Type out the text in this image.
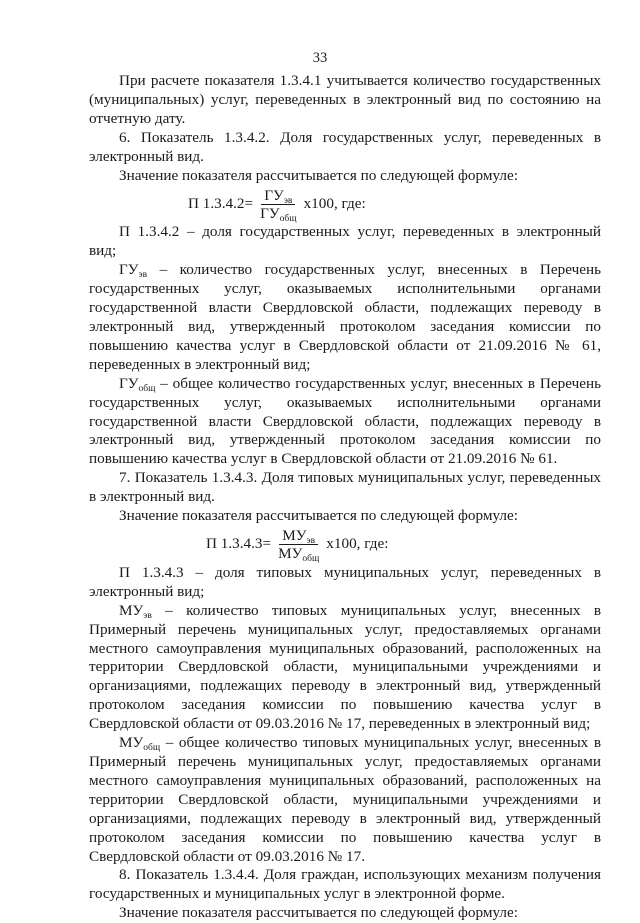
33

При расчете показателя 1.3.4.1 учитывается количество государственных (муниципальных) услуг, переведенных в электронный вид по состоянию на отчетную дату.

6. Показатель 1.3.4.2. Доля государственных услуг, переведенных в электронный вид.

Значение показателя рассчитывается по следующей формуле:

П $1.3.4.2= \frac{ГУ_{эв}}{ГУ_{общ}} x100$, где:

П 1.3.4.2 – доля государственных услуг, переведенных в электронный вид;

$ГУ_{эв}$ – количество государственных услуг, внесенных в Перечень государственных услуг, оказываемых исполнительными органами государственной власти Свердловской области, подлежащих переводу в электронный вид, утвержденный протоколом заседания комиссии по повышению качества услуг в Свердловской области от 21.09.2016 № 61, переведенных в электронный вид;

$ГУ_{общ}$ – общее количество государственных услуг, внесенных в Перечень государственных услуг, оказываемых исполнительными органами государственной власти Свердловской области, подлежащих переводу в электронный вид, утвержденный протоколом заседания комиссии по повышению качества услуг в Свердловской области от 21.09.2016 № 61.

7. Показатель 1.3.4.3. Доля типовых муниципальных услуг, переведенных в электронный вид.

Значение показателя рассчитывается по следующей формуле:

П $1.3.4.3= \frac{МУ_{эв}}{МУ_{общ}} x100$, где:

П 1.3.4.3 – доля типовых муниципальных услуг, переведенных в электронный вид;

$МУ_{эв}$ – количество типовых муниципальных услуг, внесенных в Примерный перечень муниципальных услуг, предоставляемых органами местного самоуправления муниципальных образований, расположенных на территории Свердловской области, муниципальными учреждениями и организациями, подлежащих переводу в электронный вид, утвержденный протоколом заседания комиссии по повышению качества услуг в Свердловской области от 09.03.2016 № 17, переведенных в электронный вид;

$МУ_{общ}$ – общее количество типовых муниципальных услуг, внесенных в Примерный перечень муниципальных услуг, предоставляемых органами местного самоуправления муниципальных образований, расположенных на территории Свердловской области, муниципальными учреждениями и организациями, подлежащих переводу в электронный вид, утвержденный протоколом заседания комиссии по повышению качества услуг в Свердловской области от 09.03.2016 № 17.

8. Показатель 1.3.4.4. Доля граждан, использующих механизм получения государственных и муниципальных услуг в электронной форме.

Значение показателя рассчитывается по следующей формуле:
